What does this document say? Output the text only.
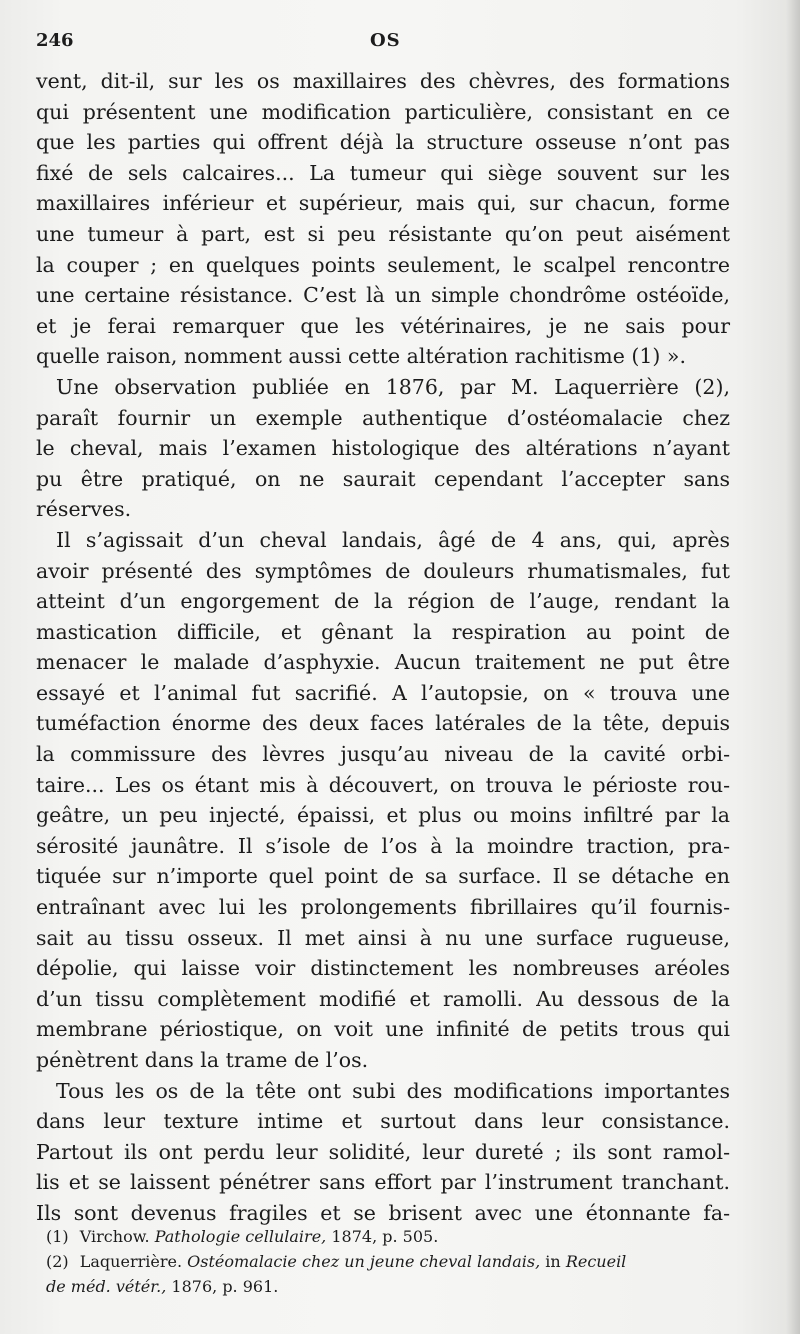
246	OS
vent, dit-il, sur les os maxillaires des chèvres, des formations
qui présentent une modification particulière, consistant en ce
que les parties qui offrent déjà la structure osseuse n’ont pas
fixé de sels calcaires... La tumeur qui siège souvent sur les
maxillaires inférieur et supérieur, mais qui, sur chacun, forme
une tumeur à part, est si peu résistante qu’on peut aisément
la couper ; en quelques points seulement, le scalpel rencontre
une certaine résistance. C’est là un simple chondrôme ostéoïde,
et je ferai remarquer que les vétérinaires, je ne sais pour
quelle raison, nomment aussi cette altération rachitisme (1) ».
Une observation publiée en 1876, par M. Laquerrière (2),
paraît fournir un exemple authentique d’ostéomalacie chez
le cheval, mais l’examen histologique des altérations n’ayant
pu être pratiqué, on ne saurait cependant l’accepter sans
réserves.
Il s’agissait d’un cheval landais, âgé de 4 ans, qui, après
avoir présenté des symptômes de douleurs rhumatismales, fut
atteint d’un engorgement de la région de l’auge, rendant la
mastication difficile, et gênant la respiration au point de
menacer le malade d’asphyxie. Aucun traitement ne put être
essayé et l’animal fut sacrifié. A l’autopsie, on « trouva une
tuméfaction énorme des deux faces latérales de la tête, depuis
la commissure des lèvres jusqu’au niveau de la cavité orbi-
taire... Les os étant mis à découvert, on trouva le périoste rou-
geâtre, un peu injecté, épaissi, et plus ou moins infiltré par la
sérosité jaunâtre. Il s’isole de l’os à la moindre traction, pra-
tiquée sur n’importe quel point de sa surface. Il se détache en
entraînant avec lui les prolongements fibrillaires qu’il fournis-
sait au tissu osseux. Il met ainsi à nu une surface rugueuse,
dépolie, qui laisse voir distinctement les nombreuses aréoles
d’un tissu complètement modifié et ramolli. Au dessous de la
membrane périostique, on voit une infinité de petits trous qui
pénètrent dans la trame de l’os.
Tous les os de la tête ont subi des modifications importantes
dans leur texture intime et surtout dans leur consistance.
Partout ils ont perdu leur solidité, leur dureté ; ils sont ramol-
lis et se laissent pénétrer sans effort par l’instrument tranchant.
Ils sont devenus fragiles et se brisent avec une étonnante fa-
(1) Virchow. Pathologie cellulaire, 1874, p. 505.
(2) Laquerrière. Ostéomalacie chez un jeune cheval landais, in Recueil
de méd. vétér., 1876, p. 961.
